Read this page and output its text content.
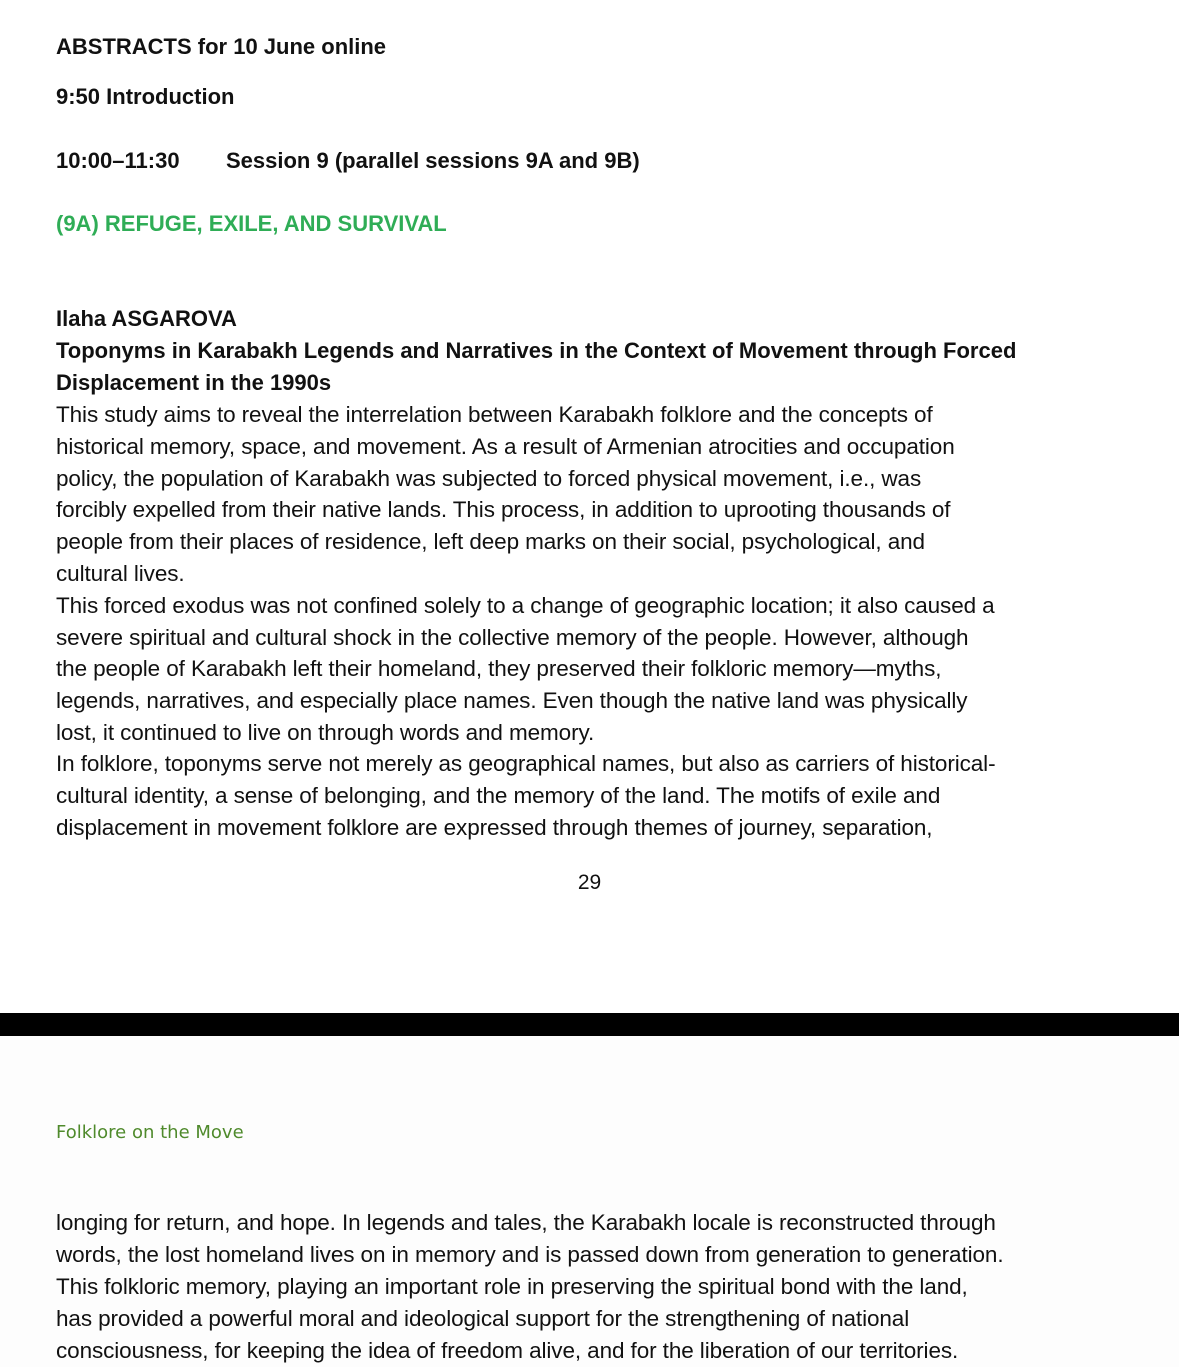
ABSTRACTS for 10 June online
9:50 Introduction
10:00–11:30 Session 9 (parallel sessions 9A and 9B)
(9A) REFUGE, EXILE, AND SURVIVAL
Ilaha ASGAROVA
Toponyms in Karabakh Legends and Narratives in the Context of Movement through Forced
Displacement in the 1990s
This study aims to reveal the interrelation between Karabakh folklore and the concepts of
historical memory, space, and movement. As a result of Armenian atrocities and occupation
policy, the population of Karabakh was subjected to forced physical movement, i.e., was
forcibly expelled from their native lands. This process, in addition to uprooting thousands of
people from their places of residence, left deep marks on their social, psychological, and
cultural lives.
This forced exodus was not confined solely to a change of geographic location; it also caused a
severe spiritual and cultural shock in the collective memory of the people. However, although
the people of Karabakh left their homeland, they preserved their folkloric memory—myths,
legends, narratives, and especially place names. Even though the native land was physically
lost, it continued to live on through words and memory.
In folklore, toponyms serve not merely as geographical names, but also as carriers of historical-
cultural identity, a sense of belonging, and the memory of the land. The motifs of exile and
displacement in movement folklore are expressed through themes of journey, separation,
29
Folklore on the Move
longing for return, and hope. In legends and tales, the Karabakh locale is reconstructed through
words, the lost homeland lives on in memory and is passed down from generation to generation.
This folkloric memory, playing an important role in preserving the spiritual bond with the land,
has provided a powerful moral and ideological support for the strengthening of national
consciousness, for keeping the idea of freedom alive, and for the liberation of our territories.
